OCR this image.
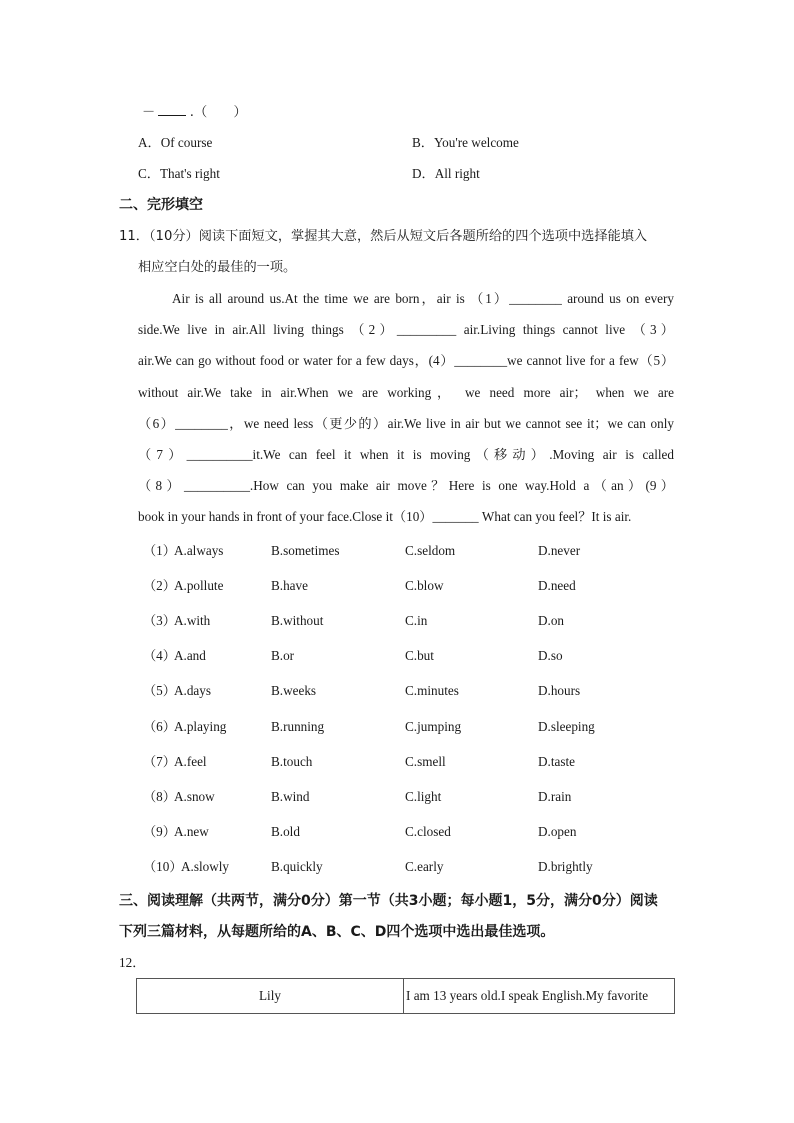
－	.（　　）
A．Of course	B．You're welcome
C．That's right	D．All right
二、完形填空
11．（10分）阅读下面短文，掌握其大意，然后从短文后各题所给的四个选项中选择能填入
相应空白处的最佳的一项。
Air is all around us.At the time we are born，air is （1）________ around us on every
side.We live in air.All living things （2）_________ air.Living things cannot live （3）
air.We can go without food or water for a few days，(4）________we cannot live for a few（5）
without air.We take in air.When we are working， we need more air； when we are
（6）________，we need less（更少的）air.We live in air but we cannot see it；we can only
（7）__________it.We can feel it when it is moving（移动）.Moving air is called
（8）__________.How can you make air move？Here is one way.Hold a（an）(9）
book in your hands in front of your face.Close it（10）_______ What can you feel？It is air.
（1）
A.always	B.sometimes	C.seldom	D.never
（2）
A.pollute	B.have	C.blow	D.need
（3）
A.with	B.without	C.in	D.on
（4）
A.and	B.or	C.but	D.so
（5）
A.days	B.weeks	C.minutes	D.hours
（6）
A.playing	B.running	C.jumping	D.sleeping
（7）
A.feel	B.touch	C.smell	D.taste
（8）
A.snow	B.wind	C.light	D.rain
（9）
A.new	B.old	C.closed	D.open
（10）
A.slowly	B.quickly	C.early	D.brightly
三、阅读理解（共两节，满分0分）第一节（共3小题；每小题1，5分，满分0分）阅读
下列三篇材料，从每题所给的A、B、C、D四个选项中选出最佳选项。
12．
Lily	I am 13 years old.I speak English.My favorite
